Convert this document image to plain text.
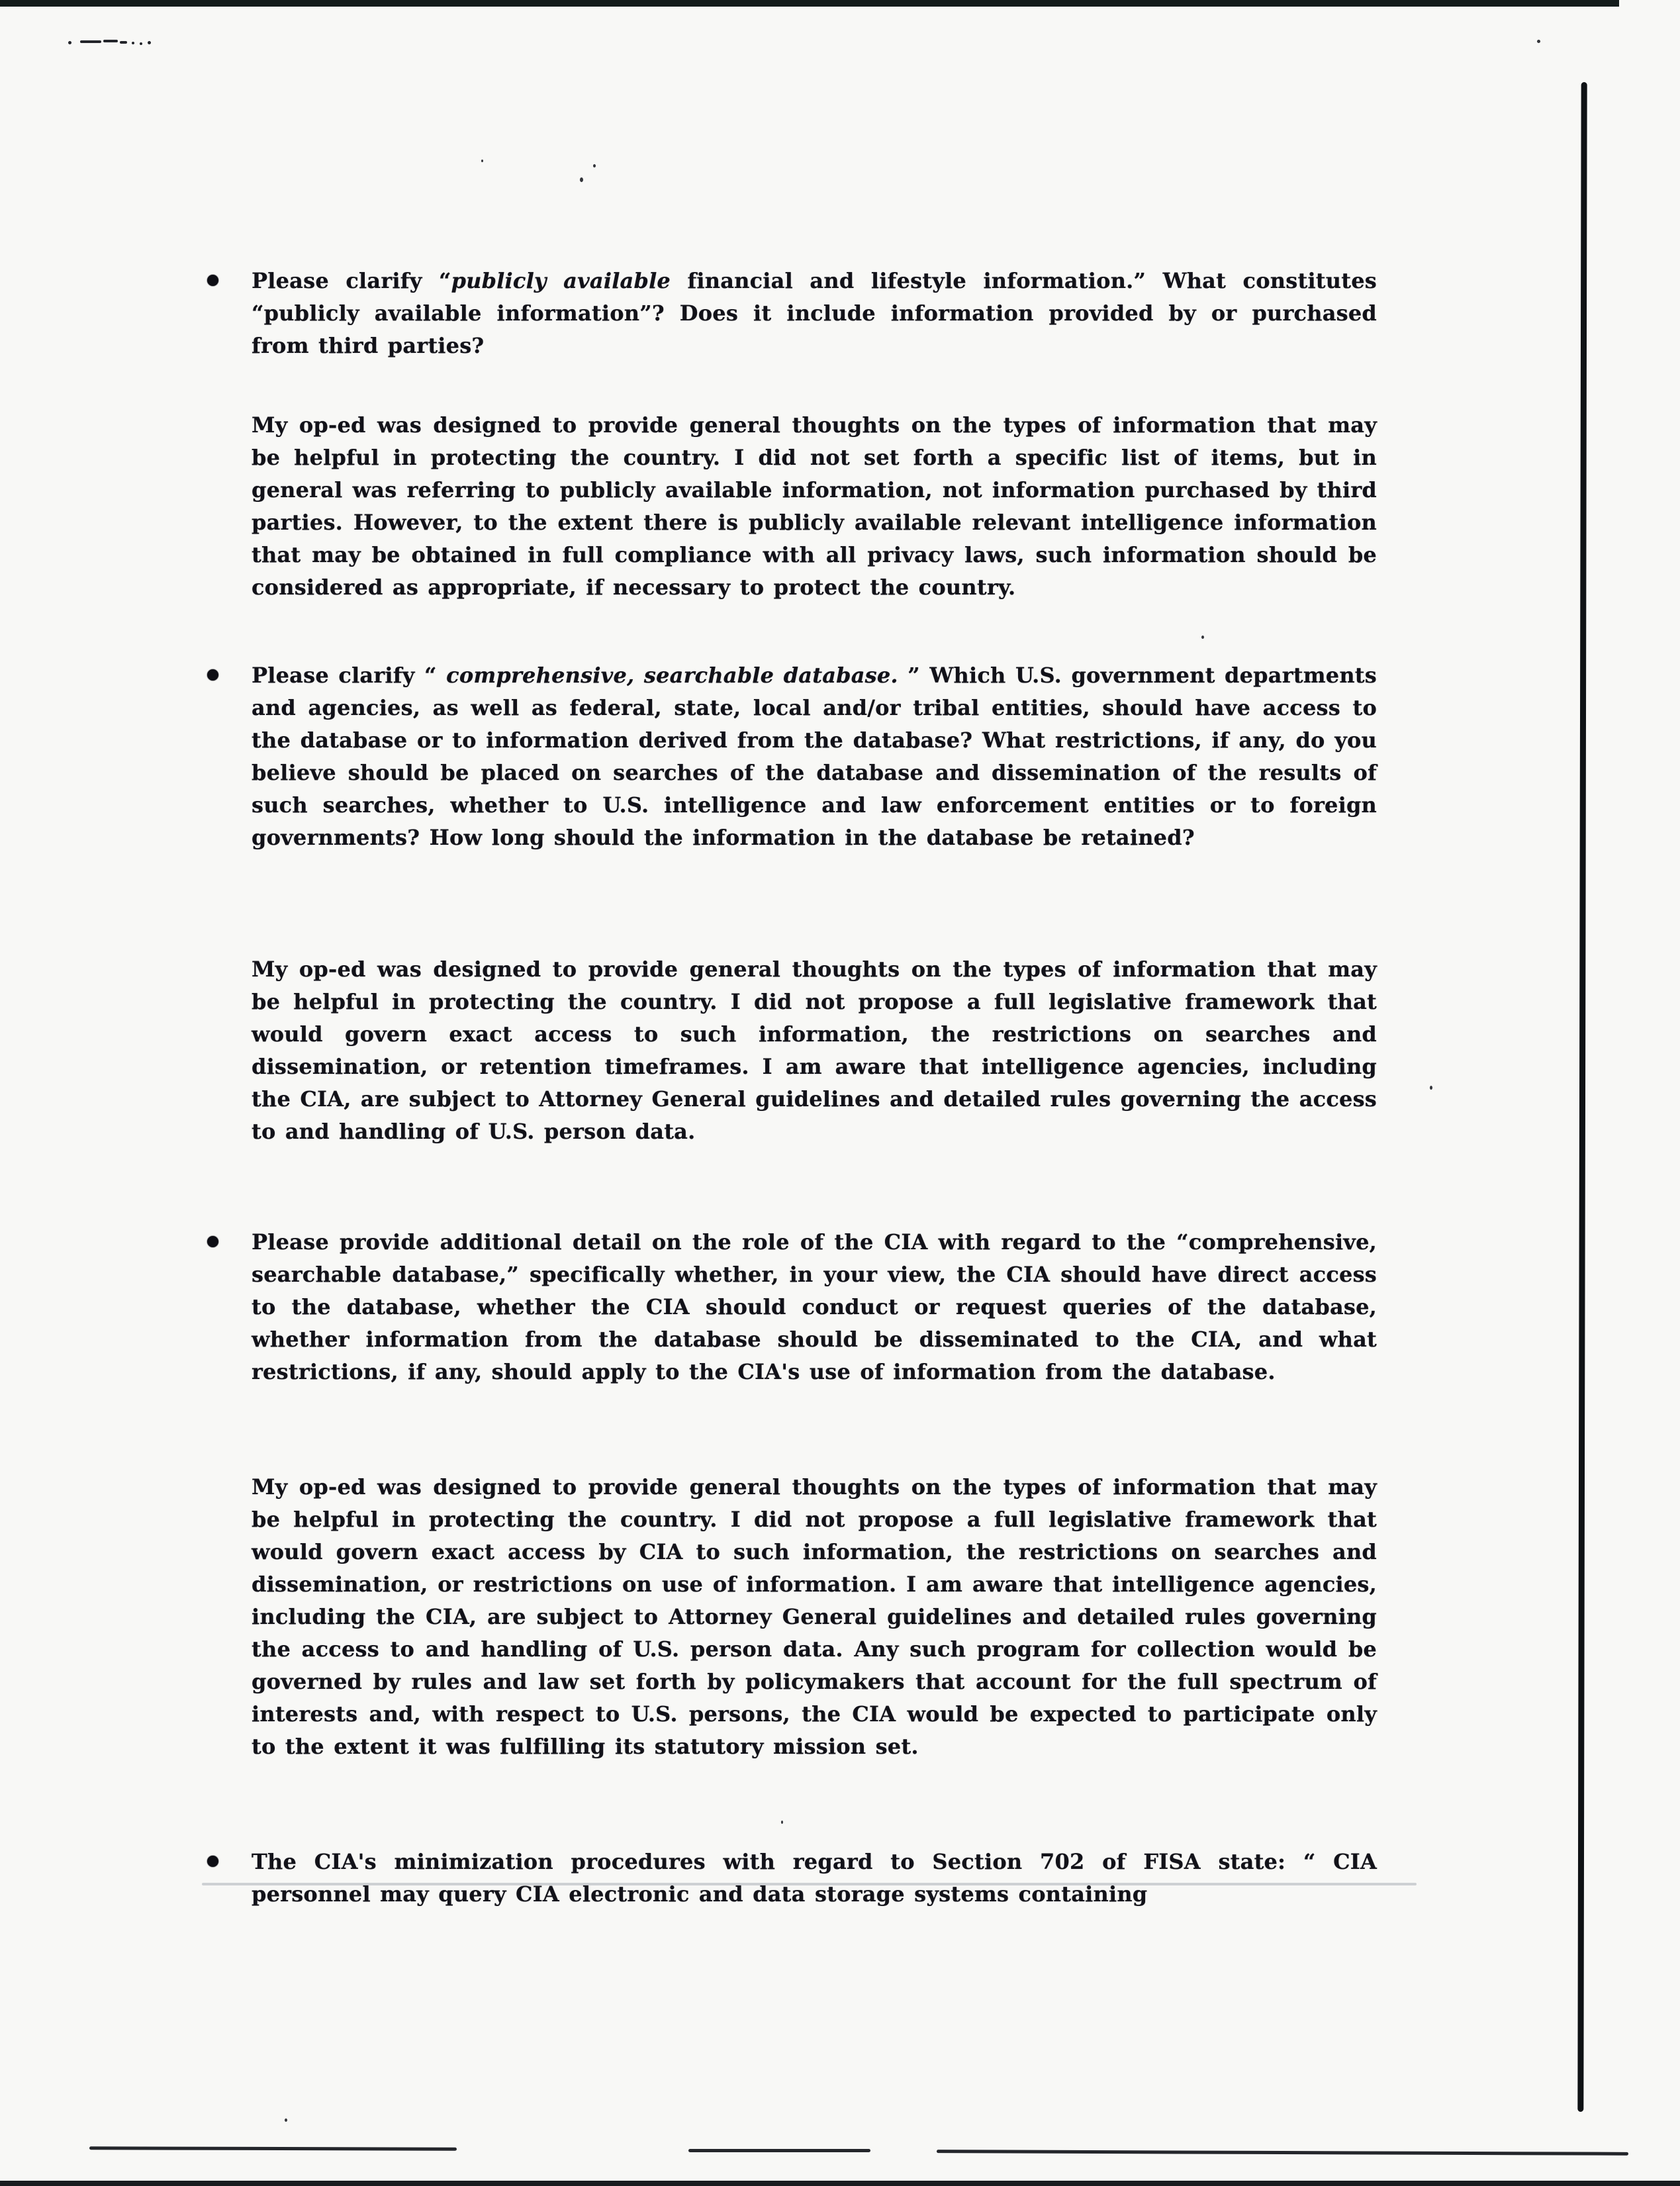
Please clarify “publicly available financial and lifestyle information.” What constitutes “publicly available information”? Does it include information provided by or purchased from third parties?

My op-ed was designed to provide general thoughts on the types of information that may be helpful in protecting the country. I did not set forth a specific list of items, but in general was referring to publicly available information, not information purchased by third parties. However, to the extent there is publicly available relevant intelligence information that may be obtained in full compliance with all privacy laws, such information should be considered as appropriate, if necessary to protect the country.

Please clarify “ comprehensive, searchable database. ” Which U.S. government departments and agencies, as well as federal, state, local and/or tribal entities, should have access to the database or to information derived from the database? What restrictions, if any, do you believe should be placed on searches of the database and dissemination of the results of such searches, whether to U.S. intelligence and law enforcement entities or to foreign governments? How long should the information in the database be retained?

My op-ed was designed to provide general thoughts on the types of information that may be helpful in protecting the country. I did not propose a full legislative framework that would govern exact access to such information, the restrictions on searches and dissemination, or retention timeframes. I am aware that intelligence agencies, including the CIA, are subject to Attorney General guidelines and detailed rules governing the access to and handling of U.S. person data.

Please provide additional detail on the role of the CIA with regard to the “comprehensive, searchable database,” specifically whether, in your view, the CIA should have direct access to the database, whether the CIA should conduct or request queries of the database, whether information from the database should be disseminated to the CIA, and what restrictions, if any, should apply to the CIA's use of information from the database.

My op-ed was designed to provide general thoughts on the types of information that may be helpful in protecting the country. I did not propose a full legislative framework that would govern exact access by CIA to such information, the restrictions on searches and dissemination, or restrictions on use of information. I am aware that intelligence agencies, including the CIA, are subject to Attorney General guidelines and detailed rules governing the access to and handling of U.S. person data. Any such program for collection would be governed by rules and law set forth by policymakers that account for the full spectrum of interests and, with respect to U.S. persons, the CIA would be expected to participate only to the extent it was fulfilling its statutory mission set.

The CIA's minimization procedures with regard to Section 702 of FISA state: “ CIA personnel may query CIA electronic and data storage systems containing
